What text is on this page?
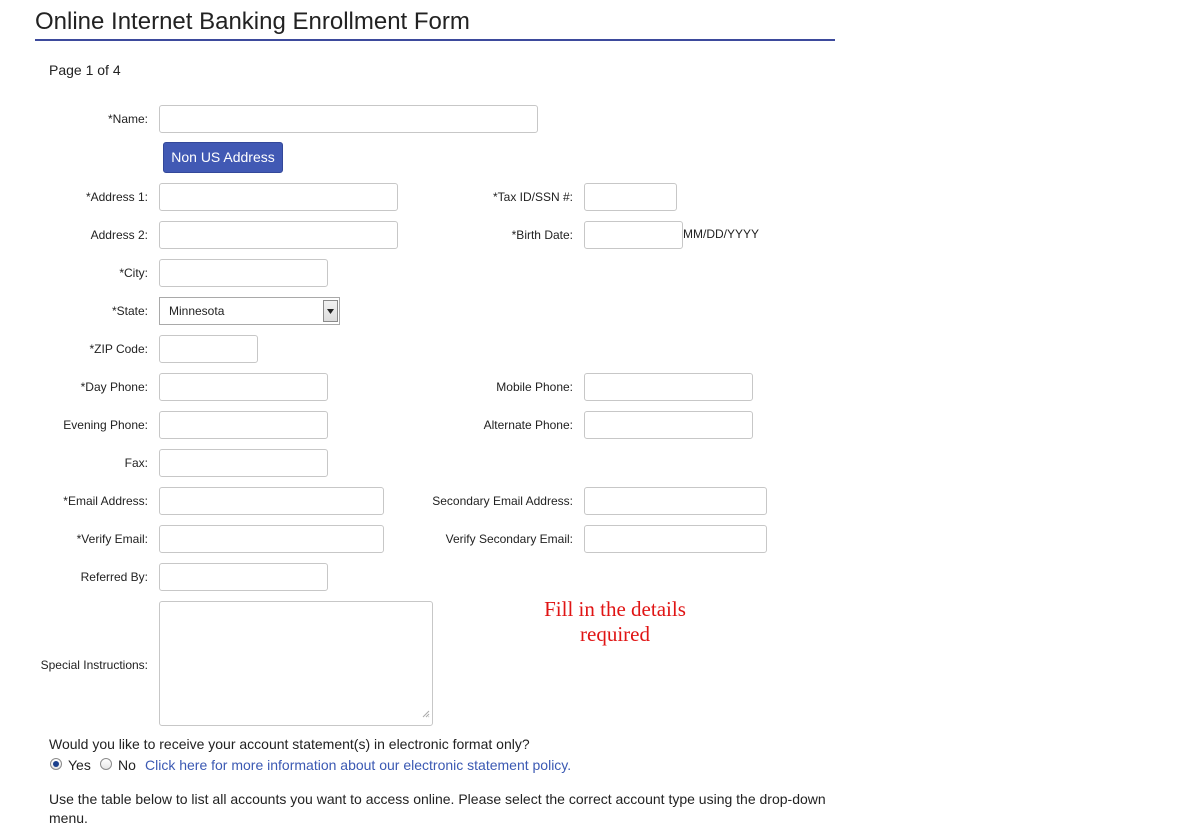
Online Internet Banking Enrollment Form
Page 1 of 4
*Name:
Non US Address
*Address 1:
Address 2:
*City:
*State:	Minnesota
*ZIP Code:
*Day Phone:
Evening Phone:
Fax:
*Email Address:
*Verify Email:
Referred By:
Special Instructions:
*Tax ID/SSN #:
*Birth Date:	MM/DD/YYYY
Mobile Phone:
Alternate Phone:
Secondary Email Address:
Verify Secondary Email:
Fill in the details
required
Would you like to receive your account statement(s) in electronic format only?
Yes No Click here for more information about our electronic statement policy.
Use the table below to list all accounts you want to access online. Please select the correct account type using the drop-down menu.
